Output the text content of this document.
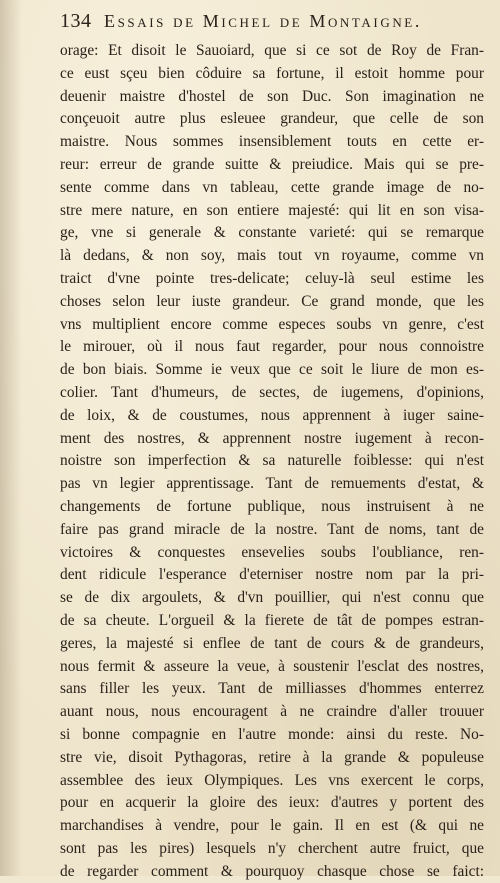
134 Essais de Michel de Montaigne.
orage: Et disoit le Sauoiard, que si ce sot de Roy de Fran-
ce eust sçeu bien côduire sa fortune, il estoit homme pour
deuenir maistre d'hostel de son Duc. Son imagination ne
conçeuoit autre plus esleuee grandeur, que celle de son
maistre. Nous sommes insensiblement touts en cette er-
reur: erreur de grande suitte & preiudice. Mais qui se pre-
sente comme dans vn tableau, cette grande image de no-
stre mere nature, en son entiere majesté: qui lit en son visa-
ge, vne si generale & constante varieté: qui se remarque
là dedans, & non soy, mais tout vn royaume, comme vn
traict d'vne pointe tres-delicate; celuy-là seul estime les
choses selon leur iuste grandeur. Ce grand monde, que les
vns multiplient encore comme especes soubs vn genre, c'est
le mirouer, où il nous faut regarder, pour nous connoistre
de bon biais. Somme ie veux que ce soit le liure de mon es-
colier. Tant d'humeurs, de sectes, de iugemens, d'opinions,
de loix, & de coustumes, nous apprennent à iuger saine-
ment des nostres, & apprennent nostre iugement à recon-
noistre son imperfection & sa naturelle foiblesse: qui n'est
pas vn legier apprentissage. Tant de remuements d'estat, &
changements de fortune publique, nous instruisent à ne
faire pas grand miracle de la nostre. Tant de noms, tant de
victoires & conquestes ensevelies soubs l'oubliance, ren-
dent ridicule l'esperance d'eterniser nostre nom par la pri-
se de dix argoulets, & d'vn pouillier, qui n'est connu que
de sa cheute. L'orgueil & la fierete de tât de pompes estran-
geres, la majesté si enflee de tant de cours & de grandeurs,
nous fermit & asseure la veue, à soustenir l'esclat des nostres,
sans filler les yeux. Tant de milliasses d'hommes enterrez
auant nous, nous encouragent à ne craindre d'aller trouuer
si bonne compagnie en l'autre monde: ainsi du reste. No-
stre vie, disoit Pythagoras, retire à la grande & populeuse
assemblee des ieux Olympiques. Les vns exercent le corps,
pour en acquerir la gloire des ieux: d'autres y portent des
marchandises à vendre, pour le gain. Il en est (& qui ne
sont pas les pires) lesquels n'y cherchent autre fruict, que
de regarder comment & pourquoy chasque chose se faict:
